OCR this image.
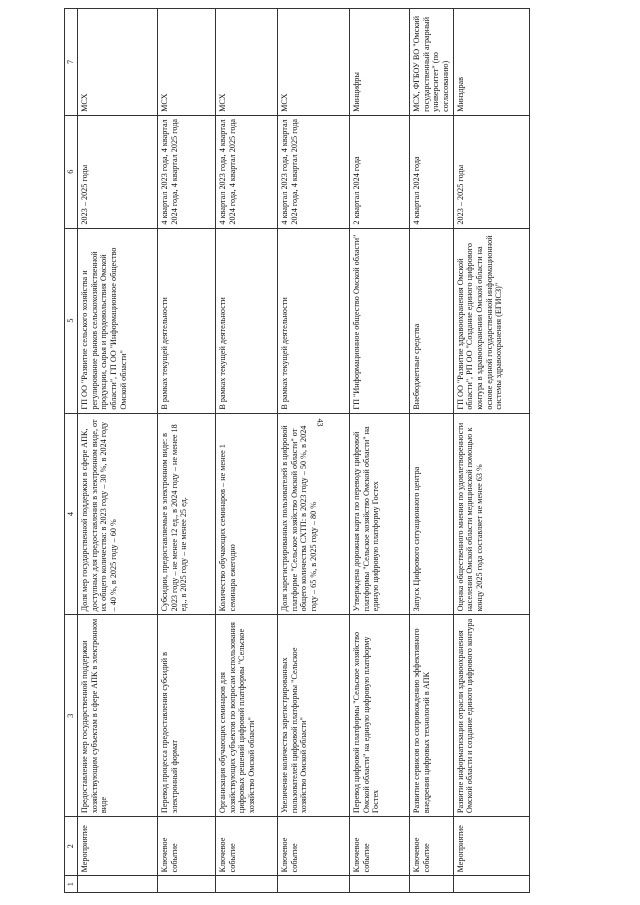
43
1	2	3	4	5	6	7
	Мероприятие	Предоставление мер государственной поддержки хозяйствующим субъектам в сфере АПК в электронном виде	Доля мер государственной поддержки в сфере АПК, доступных для предоставления в электронном виде, от их общего количества: в 2023 году – 30 %, в 2024 году – 40 %, в 2025 году – 60 %	ГП ОО "Развитие сельского хозяйства и регулирование рынков сельскохозяйственной продукции, сырья и продовольствия Омской области", ГП ОО "Информационное общество Омской области"	2023 – 2025 годы	МСХ
	Ключевое событие	Перевод процесса предоставления субсидий в электронный формат	Субсидии, предоставляемые в электронном виде: в 2023 году – не менее 12 ед., в 2024 году – не менее 18 ед., в 2025 году – не менее 25 ед.	В рамках текущей деятельности	4 квартал 2023 года, 4 квартал 2024 года, 4 квартал 2025 года	МСХ
	Ключевое событие	Организация обучающих семинаров для хозяйствующих субъектов по вопросам использования цифровых решений цифровой платформы "Сельское хозяйство Омской области"	Количество обучающих семинаров – не менее 1 семинара ежегодно	В рамках текущей деятельности	4 квартал 2023 года, 4 квартал 2024 года, 4 квартал 2025 года	МСХ
	Ключевое событие	Увеличение количества зарегистрированных пользователей цифровой платформы "Сельское хозяйство Омской области"	Доля зарегистрированных пользователей в цифровой платформе "Сельское хозяйство Омской области" от общего количества СХТП: в 2023 году – 50 %, в 2024 году – 65 %, в 2025 году – 80 %	В рамках текущей деятельности	4 квартал 2023 года, 4 квартал 2024 года, 4 квартал 2025 года	МСХ
	Ключевое событие	Перевод цифровой платформы "Сельское хозяйство Омской области" на единую цифровую платформу Гостех	Утверждена дорожная карта по переводу цифровой платформы "Сельское хозяйство Омской области" на единую цифровую платформу Гостех	ГП "Информационное общество Омской области"	2 квартал 2024 года	Минцифры
	Ключевое событие	Развитие сервисов по сопровождению эффективного внедрения цифровых технологий в АПК	Запуск Цифрового ситуационного центра	Внебюджетные средства	4 квартал 2024 года	МСХ, ФГБОУ ВО "Омский государственный аграрный университет" (по согласованию)
	Мероприятие	Развитие информатизации отрасли здравоохранения Омской области и создание единого цифрового контура	Оценка общественного мнения по удовлетворенности населения Омской области медицинской помощью к концу 2025 года составляет не менее 63 %	ГП ОО "Развитие здравоохранения Омской области", РП ОО "Создание единого цифрового контура в здравоохранении Омской области на основе единой государственной информационной системы здравоохранения (ЕГИСЗ)"	2023 – 2025 годы	Минздрав
